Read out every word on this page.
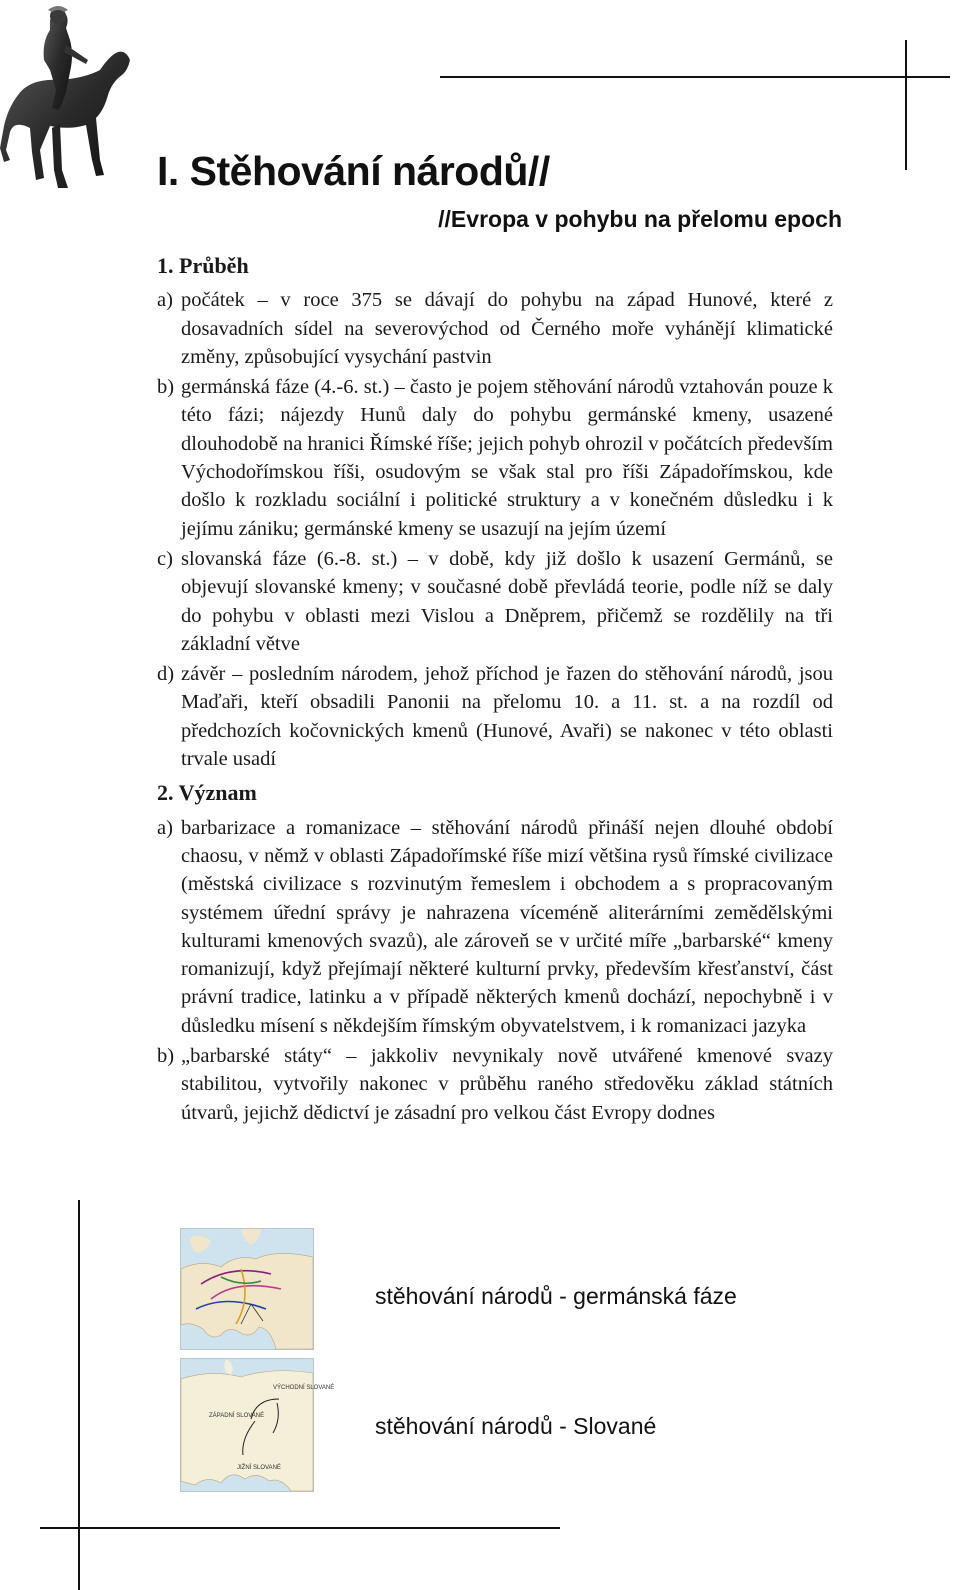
I. Stěhování národů//
//Evropa v pohybu na přelomu epoch

1. Průběh

a) počátek – v roce 375 se dávají do pohybu na západ Hunové, které z dosavadních sídel na severovýchod od Černého moře vyhánějí klimatické změny, způsobující vysychání pastvin
b) germánská fáze (4.-6. st.) – často je pojem stěhování národů vztahován pouze k této fázi; nájezdy Hunů daly do pohybu germánské kmeny, usazené dlouhodobě na hranici Římské říše; jejich pohyb ohrozil v počátcích především Východořímskou říši, osudovým se však stal pro říši Západořímskou, kde došlo k rozkladu sociální i politické struktury a v konečném důsledku i k jejímu zániku; germánské kmeny se usazují na jejím území
c) slovanská fáze (6.-8. st.) – v době, kdy již došlo k usazení Germánů, se objevují slovanské kmeny; v současné době převládá teorie, podle níž se daly do pohybu v oblasti mezi Vislou a Dněprem, přičemž se rozdělily na tři základní větve
d) závěr – posledním národem, jehož příchod je řazen do stěhování národů, jsou Maďaři, kteří obsadili Panonii na přelomu 10. a 11. st. a na rozdíl od předchozích kočovnických kmenů (Hunové, Avaři) se nakonec v této oblasti trvale usadí

2. Význam

a) barbarizace a romanizace – stěhování národů přináší nejen dlouhé období chaosu, v němž v oblasti Západořímské říše mizí většina rysů římské civilizace (městská civilizace s rozvinutým řemeslem i obchodem a s propracovaným systémem úřední správy je nahrazena víceméně aliterárními zemědělskými kulturami kmenových svazů), ale zároveň se v určité míře „barbarské“ kmeny romanizují, když přejímají některé kulturní prvky, především křesťanství, část právní tradice, latinku a v případě některých kmenů dochází, nepochybně i v důsledku mísení s někdejším římským obyvatelstvem, i k romanizaci jazyka
b) „barbarské státy“ – jakkoliv nevynikaly nově utvářené kmenové svazy stabilitou, vytvořily nakonec v průběhu raného středověku základ státních útvarů, jejichž dědictví je zásadní pro velkou část Evropy dodnes
stěhování národů - germánská fáze
VÝCHODNÍ SLOVANÉ
ZÁPADNÍ SLOVANÉ
JIŽNÍ SLOVANÉ
stěhování národů - Slované
